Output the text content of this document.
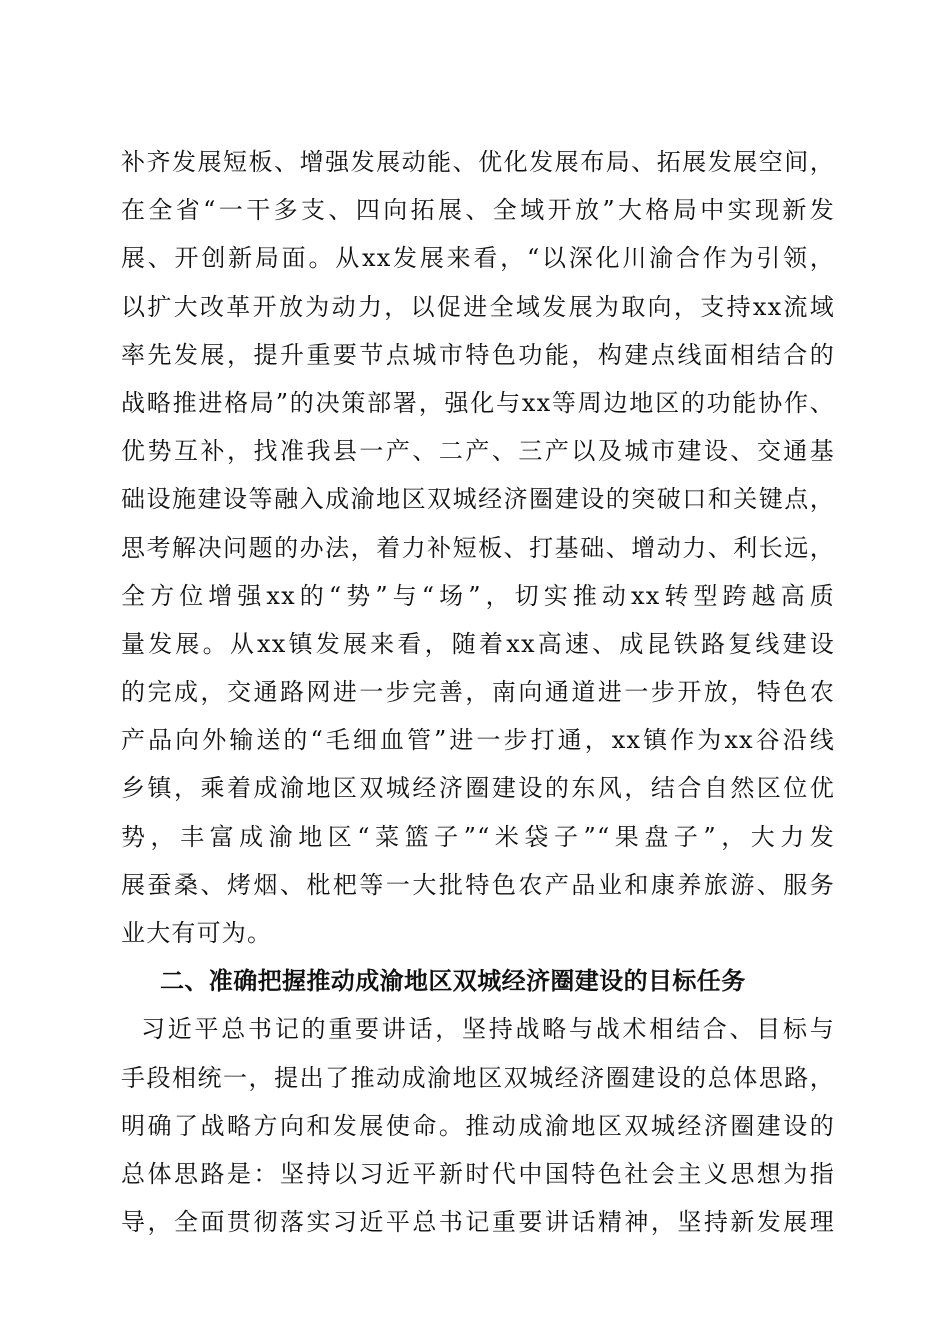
补齐发展短板、增强发展动能、优化发展布局、拓展发展空间，
在全省“一干多支、四向拓展、全域开放”大格局中实现新发
展、开创新局面。从xx发展来看，“以深化川渝合作为引领，
以扩大改革开放为动力，以促进全域发展为取向，支持xx流域
率先发展，提升重要节点城市特色功能，构建点线面相结合的
战略推进格局”的决策部署，强化与xx等周边地区的功能协作、
优势互补，找准我县一产、二产、三产以及城市建设、交通基
础设施建设等融入成渝地区双城经济圈建设的突破口和关键点，
思考解决问题的办法，着力补短板、打基础、增动力、利长远，
全方位增强xx的“势”与“场”，切实推动xx转型跨越高质
量发展。从xx镇发展来看，随着xx高速、成昆铁路复线建设
的完成，交通路网进一步完善，南向通道进一步开放，特色农
产品向外输送的“毛细血管”进一步打通，xx镇作为xx谷沿线
乡镇，乘着成渝地区双城经济圈建设的东风，结合自然区位优
势，丰富成渝地区“菜篮子”“米袋子”“果盘子”，大力发
展蚕桑、烤烟、枇杷等一大批特色农产品业和康养旅游、服务
业大有可为。
二、准确把握推动成渝地区双城经济圈建设的目标任务
习近平总书记的重要讲话，坚持战略与战术相结合、目标与
手段相统一，提出了推动成渝地区双城经济圈建设的总体思路，
明确了战略方向和发展使命。推动成渝地区双城经济圈建设的
总体思路是：坚持以习近平新时代中国特色社会主义思想为指
导，全面贯彻落实习近平总书记重要讲话精神，坚持新发展理
